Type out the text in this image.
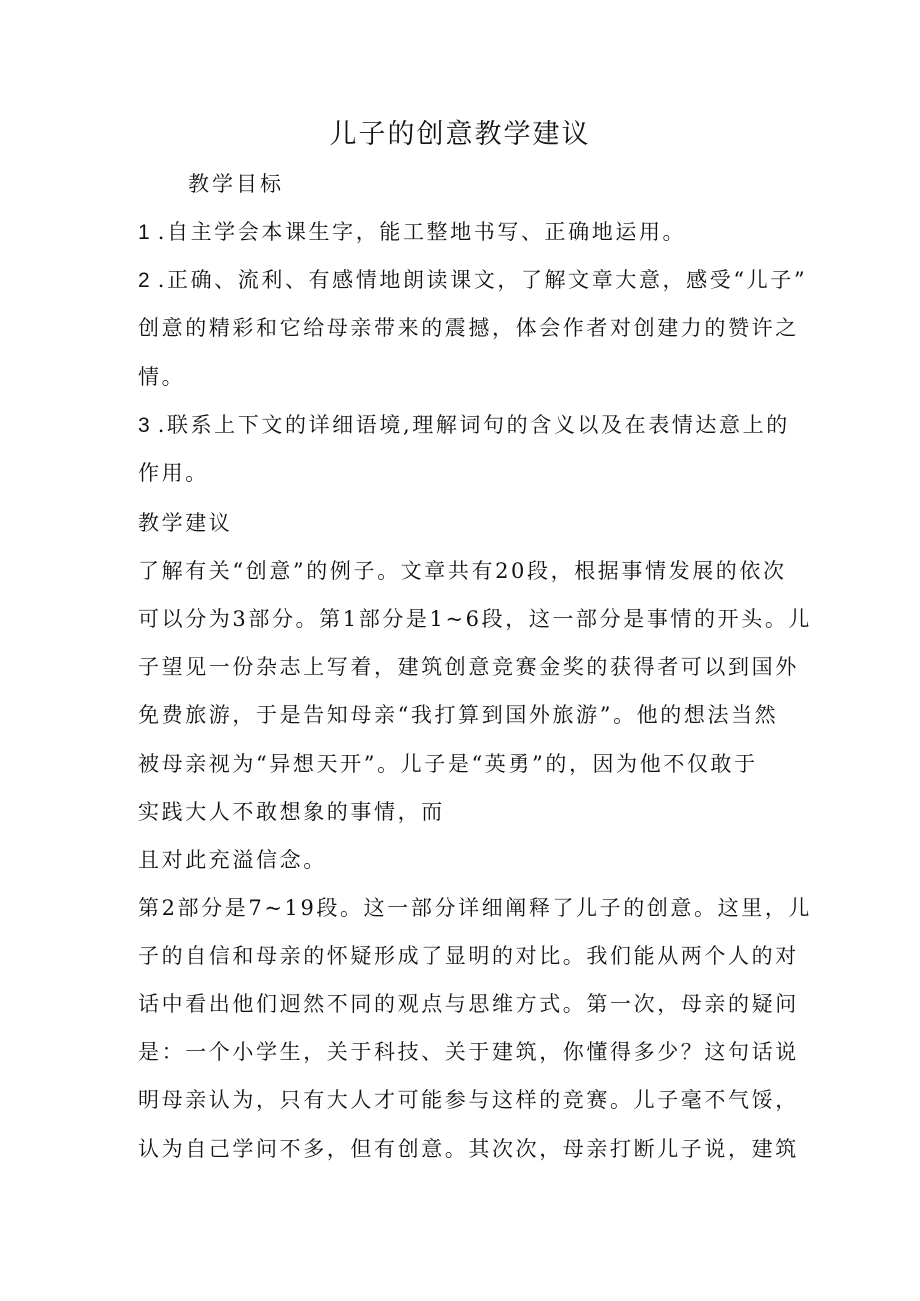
儿子的创意教学建议
教学目标
1 .自主学会本课生字，能工整地书写、正确地运用。
2 .正确、流利、有感情地朗读课文，了解文章大意，感受“儿子”
创意的精彩和它给母亲带来的震撼，体会作者对创建力的赞许之
情。
3 .联系上下文的详细语境,理解词句的含义以及在表情达意上的
作用。
教学建议
了解有关“创意”的例子。文章共有20段，根据事情发展的依次
可以分为3部分。第1部分是1~6段，这一部分是事情的开头。儿
子望见一份杂志上写着，建筑创意竞赛金奖的获得者可以到国外
免费旅游，于是告知母亲“我打算到国外旅游”。他的想法当然
被母亲视为“异想天开”。儿子是“英勇”的，因为他不仅敢于
实践大人不敢想象的事情，而
且对此充溢信念。
第2部分是7~19段。这一部分详细阐释了儿子的创意。这里，儿
子的自信和母亲的怀疑形成了显明的对比。我们能从两个人的对
话中看出他们迥然不同的观点与思维方式。第一次，母亲的疑问
是：一个小学生，关于科技、关于建筑，你懂得多少？这句话说
明母亲认为，只有大人才可能参与这样的竞赛。儿子毫不气馁，
认为自己学问不多，但有创意。其次次，母亲打断儿子说，建筑
